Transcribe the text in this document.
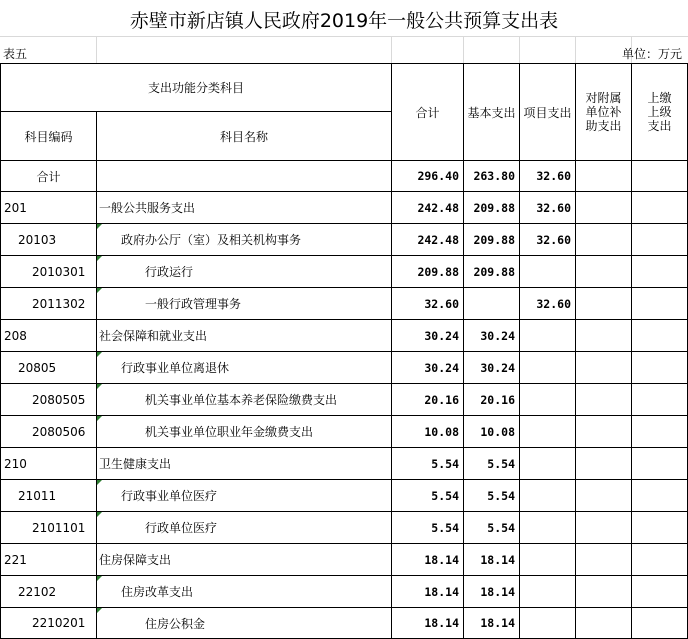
赤壁市新店镇人民政府2019年一般公共预算支出表
表五	单位：万元
支出功能分类科目		合计	基本支出	项目支出	对附属单位补助支出	上缴上级支出
科目编码	科目名称					
合计		296.40	263.80	32.60		
201	一般公共服务支出	242.48	209.88	32.60		
20103	政府办公厅（室）及相关机构事务	242.48	209.88	32.60		
2010301	行政运行	209.88	209.88			
2011302	一般行政管理事务	32.60		32.60		
208	社会保障和就业支出	30.24	30.24			
20805	行政事业单位离退休	30.24	30.24			
2080505	机关事业单位基本养老保险缴费支出	20.16	20.16			
2080506	机关事业单位职业年金缴费支出	10.08	10.08			
210	卫生健康支出	5.54	5.54			
21011	行政事业单位医疗	5.54	5.54			
2101101	行政单位医疗	5.54	5.54			
221	住房保障支出	18.14	18.14			
22102	住房改革支出	18.14	18.14			
2210201	住房公积金	18.14	18.14			
